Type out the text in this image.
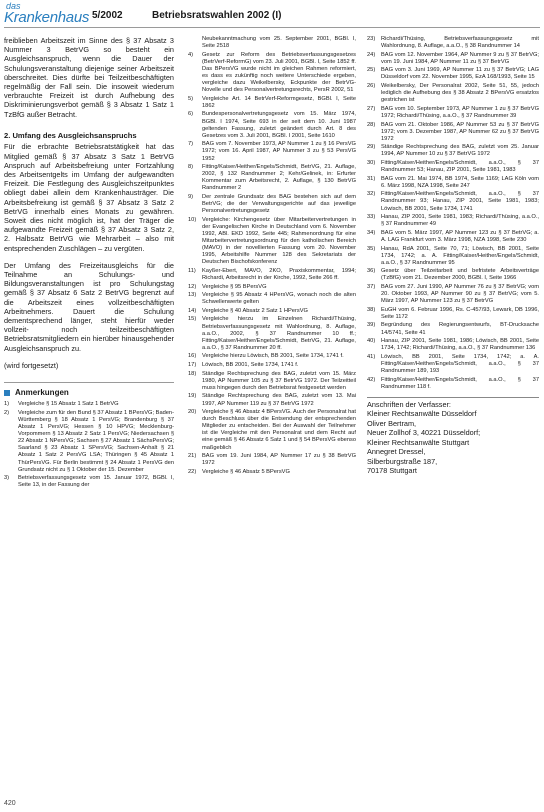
das
Krankenhaus 5/2002	Betriebsratswahlen 2002 (I)

freiblieben Arbeitszeit im Sinne des § 37 Absatz 3 Nummer 3 BetrVG so besteht ein Ausgleichsanspruch, wenn die Dauer der Schulungsveranstaltung diejenige seiner Arbeitszeit überschreitet. Dies dürfte bei Teilzeitbeschäftigten regelmäßig der Fall sein. Die insoweit wiederum verbrauchte Freizeit ist durch Aufhebung des Diskriminierungsverbot gemäß § 3 Absatz 1 Satz 1 TzBfG außer Betracht.

2. Umfang des Ausgleichsanspruchs

Für die erbrachte Betriebsratstätigkeit hat das Mitglied gemäß § 37 Absatz 3 Satz 1 BetrVG Anspruch auf Arbeitsbefreiung unter Fortzahlung des Arbeitsentgelts im Umfang der aufgewandten Freizeit. Die Festlegung des Ausgleichszeitpunktes obliegt dabei allein dem Krankenhausträger. Die Arbeitsbefreiung ist gemäß § 37 Absatz 3 Satz 2 BetrVG innerhalb eines Monats zu gewähren. Soweit dies nicht möglich ist, hat der Träger die aufgewandte Freizeit gemäß § 37 Absatz 3 Satz 2, 2. Halbsatz BetrVG wie Mehrarbeit – also mit entsprechenden Zuschlägen – zu vergüten.

Der Umfang des Freizeitausgleichs für die Teilnahme an Schulungs- und Bildungsveranstaltungen ist pro Schulungstag gemäß § 37 Absatz 6 Satz 2 BetrVG begrenzt auf die Arbeitszeit eines vollzeitbeschäftigten Arbeitnehmers. Dauert die Schulung dementsprechend länger, steht hierfür weder vollzeit- noch teilzeitbeschäftigten Betriebsratsmitgliedern ein hierüber hinausgehender Ausgleichsanspruch zu.

(wird fortgesetzt)

Anmerkungen
1)	Vergleiche § 15 Absatz 1 Satz 1 BetrVG
2)	Vergleiche zum für den Bund § 37 Absatz 1 BPersVG; Baden-Württemberg § 18 Absatz 1 PersVG; Brandenburg § 37 Absatz 1 PersVG; Hessen § 10 HPVG; Mecklenburg-Vorpommern § 13 Absatz 2 Satz 1 PersVG; Niedersachsen § 22 Absatz 1 NPersVG; Sachsen § 27 Absatz 1 SächsPersVG; Saarland § 23 Absatz 1 SPersVG; Sachsen-Anhalt § 21 Absatz 1 Satz 2 PersVG LSA; Thüringen § 45 Absatz 1 ThürPersVG. Für Berlin bestimmt § 24 Absatz 1 PersVG den Grundsatz nicht zu § 1 Oktober der 15. Dezember
3)	Betriebsverfassungsgesetz vom 15. Januar 1972, BGBl. I, Seite 13, in der Fassung der
Neubekanntmachung vom 25. September 2001, BGBl. I, Seite 2518
4)	Gesetz zur Reform des Betriebsverfassungsgesetzes (BetrVerf-ReformG) vom 23. Juli 2001, BGBl. I, Seite 1852 ff. Das BPersVG wurde nicht im gleichen Rahmen reformiert, es dass es zukünftig noch weitere Unterschiede ergeben, vergleiche dazu Weikelbersky, Eckpunkte der BetrVG-Novelle und des Personalvertretungsrechts, PersR 2002, 51
5)	Vergleiche Art. 14 BetrVerf-Reformgesetz, BGBl. I, Seite 1862
6)	Bundespersonalvertretungsgesetz vom 15. März 1974, BGBl. I 1974, Seite 693 in der seit dem 10. Juni 1987 geltenden Fassung, zuletzt geändert durch Art. 8 des Gesetzes vom 3. Juli 2001, BGBl. I 2001, Seite 1610
7)	BAG vom 7. November 1973, AP Nummer 1 zu § 16 PersVG 1972; vom 16. April 1987, AP Nummer 3 zu § 53 PersVG 1952
8)	Fitting/Kaiser/Heither/Engels/Schmidt, BetrVG, 21. Auflage, 2002, § 132 Randnummer 2; Kehr/Gelinek, in: Erfurter Kommentar zum Arbeitsrecht, 2. Auflage, § 130 BetrVG Randnummer 2
9)	Der zentrale Grundsatz des BAG bestehen sich auf dem BetrVG; die der Verwaltungsgerichte auf das jeweilige Personalvertretungsgesetz
10)	Vergleiche: Kirchengesetz über Mitarbeitervertretungen in der Evangelischen Kirche in Deutschland vom 6. November 1992, ABl. EKD 1992, Seite 445; Rahmenordnung für eine Mitarbeitervertretungsordnung für den katholischen Bereich (MAVO) in der novellierten Fassung vom 20. November 1995, Arbeitshilfe Nummer 128 des Sekretariats der Deutschen Bischofskonferenz
11)	Kayßer-Ebert, MAVO, 2KO, Praxiskommentar, 1994; Richardi, Arbeitsrecht in der Kirche, 1992, Seite 266 ff.
12)	Vergleiche § 95 BPersVG
13)	Vergleiche § 95 Absatz 4 HPersVG, wonach noch die alten Schwellenwerte gelten
14)	Vergleiche § 40 Absatz 2 Satz 1 HPersVG
15)	Vergleiche hierzu im Einzelnen Richardi/Thüsing, Betriebsverfassungsgesetz mit Wahlordnung, 8. Auflage, a.a.O., 2002, § 37 Randnummer 10 ff.; Fitting/Kaiser/Heither/Engels/Schmidt, BetrVG, 21. Auflage, a.a.O., § 37 Randnummer 20 ff.
16)	Vergleiche hierzu Löwisch, BB 2001, Seite 1734, 1741 f.
17)	Löwisch, BB 2001, Seite 1734, 1741 f.
18)	Ständige Rechtsprechung des BAG, zuletzt vom 15. März 1980, AP Nummer 105 zu § 37 BetrVG 1972. Der Teilzeitteil muss hingegen durch den Betriebsrat festgesetzt werden
19)	Ständige Rechtsprechung des BAG, zuletzt vom 13. Mai 1997, AP Nummer 119 zu § 37 BetrVG 1972
20)	Vergleiche § 46 Absatz 4 BPersVG. Auch der Personalrat hat durch Beschluss über die Entsendung der entsprechenden Mitglieder zu entscheiden. Bei der Auswahl der Teilnehmer ist die Vergleiche mit den Personalrat und dem Recht auf eine gemäß § 46 Absatz 6 Satz 1 und § 54 BPersVG ebenso maßgeblich
21)	BAG vom 19. Juni 1984, AP Nummer 17 zu § 38 BetrVG 1972
22)	Vergleiche § 46 Absatz 5 BPersVG
23)	Richardi/Thüsing, Betriebsverfassungsgesetz mit Wahlordnung, 8. Auflage, a.a.O., § 38 Randnummer 14
24)	BAG vom 12. November 1964, AP Nummer 9 zu § 37 BetrVG; vom 19. Juni 1984, AP Nummer 11 zu § 37 BetrVG
25)	BAG vom 3. Juni 1969, AP Nummer 11 zu § 37 BetrVG; LAG Düsseldorf vom 22. November 1995, EzA 168/1993, Seite 15
26)	Weikelbersky, Der Personalrat 2002, Seite 51, 55, jedoch lediglich die Aufhebung des § 38 Absatz 2 BPersVG ersatzlos gestrichen ist
27)	BAG vom 10. September 1973, AP Nummer 1 zu § 37 BetrVG 1972; Richardi/Thüsing, a.a.O., § 37 Randnummer 39
28)	BAG vom 21. Oktober 1986, AP Nummer 53 zu § 37 BetrVG 1972; vom 3. Dezember 1987, AP Nummer 62 zu § 37 BetrVG 1972
29)	Ständige Rechtsprechung des BAG, zuletzt vom 25. Januar 1994, AP Nummer 10 zu § 37 BetrVG 1972
30)	Fitting/Kaiser/Heither/Engels/Schmidt, a.a.O., § 37 Randnummer 53; Hanau, ZIP 2001, Seite 1981, 1983
31)	BAG vom 21. Mai 1974, BB 1974, Seite 1169; LAG Köln vom 6. März 1998, NZA 1998, Seite 247
32)	Fitting/Kaiser/Heither/Engels/Schmidt, a.a.O., § 37 Randnummer 93; Hanau, ZIP 2001, Seite 1981, 1983; Löwisch, BB 2001, Seite 1734, 1741
33)	Hanau, ZIP 2001, Seite 1981, 1983; Richardi/Thüsing, a.a.O., § 37 Randnummer 49
34)	BAG vom 5. März 1997, AP Nummer 123 zu § 37 BetrVG; a. A. LAG Frankfurt vom 3. März 1998, NZA 1998, Seite 230
35)	Hanau, RdA 2001, Seite 70, 71; Löwisch, BB 2001, Seite 1734, 1742; a. A. Fitting/Kaiser/Heither/Engels/Schmidt, a.a.O., § 37 Randnummer 95
36)	Gesetz über Teilzeitarbeit und befristete Arbeitsverträge (TzBfG) vom 21. Dezember 2000, BGBl. I, Seite 1966
37)	BAG vom 27. Juni 1990, AP Nummer 76 zu § 37 BetrVG; vom 20. Oktober 1993, AP Nummer 90 zu § 37 BetrVG; vom 5. März 1997, AP Nummer 123 zu § 37 BetrVG
38)	EuGH vom 6. Februar 1996, Rs. C-457/93, Lewark, DB 1996, Seite 1172
39)	Begründung des Regierungsentwurfs, BT-Drucksache 14/5741, Seite 41
40)	Hanau, ZIP 2001, Seite 1981, 1986; Löwisch, BB 2001, Seite 1734, 1742; Richardi/Thüsing, a.a.O., § 37 Randnummer 136
41)	Löwisch, BB 2001, Seite 1734, 1742; a. A. Fitting/Kaiser/Heither/Engels/Schmidt, a.a.O., § 37 Randnummer 189, 193
42)	Fitting/Kaiser/Heither/Engels/Schmidt, a.a.O., § 37 Randnummer 118 f.
Anschriften der Verfasser:
Kleiner Rechtsanwälte Düsseldorf
Oliver Bertram,
Neuer Zollhof 3, 40221 Düsseldorf;
Kleiner Rechtsanwälte Stuttgart
Annegret Dressel,
Silberburgstraße 187,
70178 Stuttgart
420
